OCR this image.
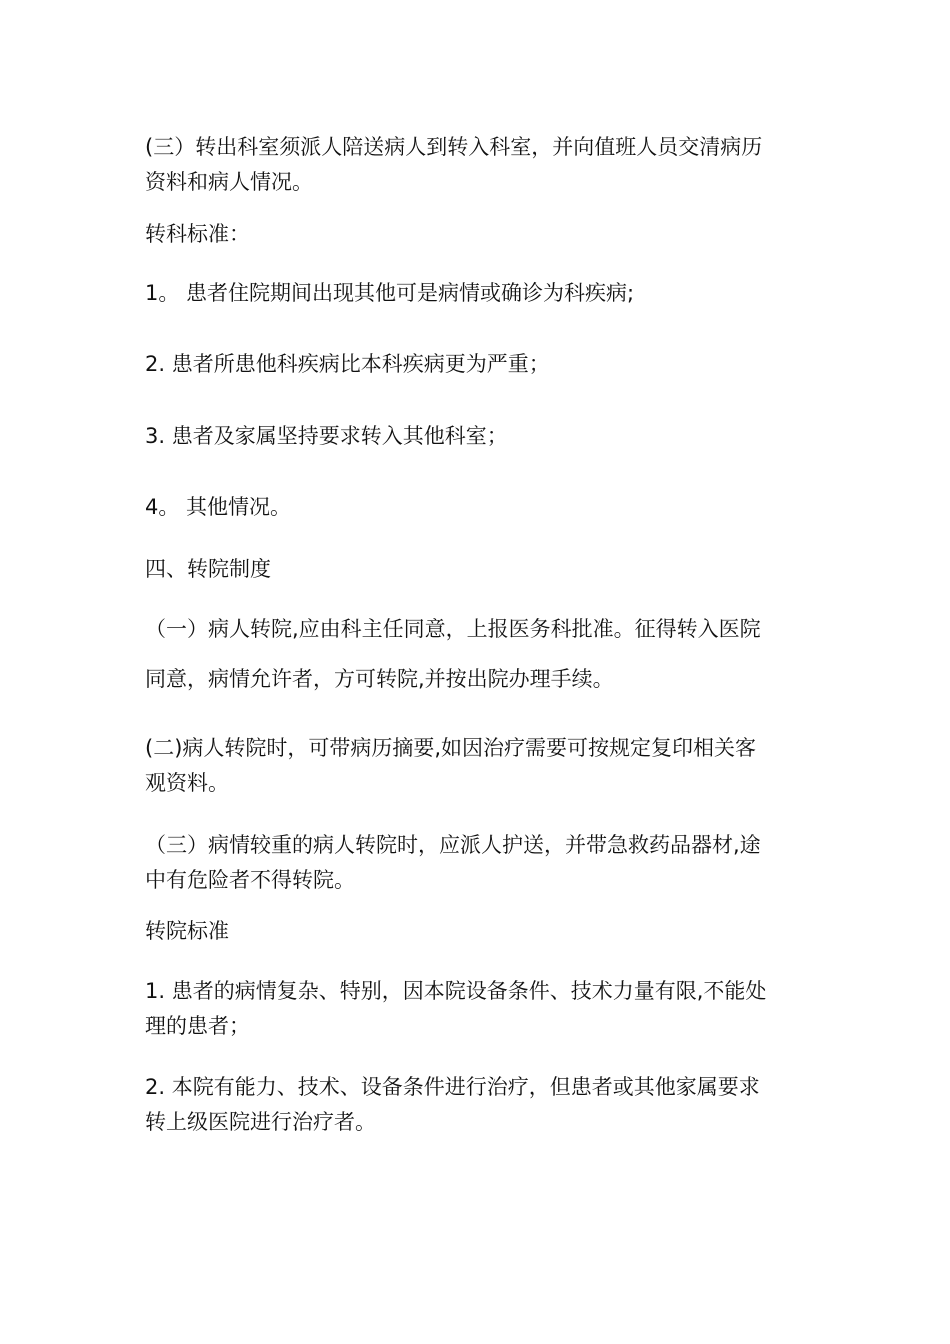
(三）转出科室须派人陪送病人到转入科室，并向值班人员交清病历
资料和病人情况。

转科标准：

1。 患者住院期间出现其他可是病情或确诊为科疾病;

2. 患者所患他科疾病比本科疾病更为严重；

3. 患者及家属坚持要求转入其他科室；

4。 其他情况。

四、转院制度

（一）病人转院,应由科主任同意，上报医务科批准。征得转入医院
同意，病情允许者，方可转院,并按出院办理手续。

(二)病人转院时，可带病历摘要,如因治疗需要可按规定复印相关客
观资料。

（三）病情较重的病人转院时，应派人护送，并带急救药品器材,途
中有危险者不得转院。

转院标准

1. 患者的病情复杂、特别，因本院设备条件、技术力量有限,不能处
理的患者；

2. 本院有能力、技术、设备条件进行治疗，但患者或其他家属要求
转上级医院进行治疗者。
